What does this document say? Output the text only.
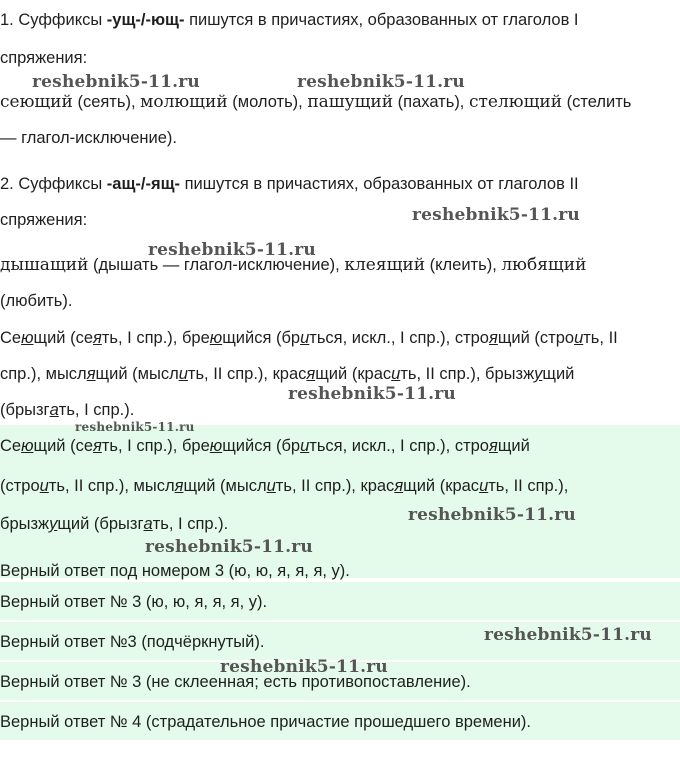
1. Суффиксы -ущ-/-ющ- пишутся в причастиях, образованных от глаголов I
спряжения:
reshebnik5-11.ru	reshebnik5-11.ru
сеющий (сеять), молющий (молоть), пашущий (пахать), стелющий (стелить
— глагол-исключение).
2. Суффиксы -ащ-/-ящ- пишутся в причастиях, образованных от глаголов II
спряжения:	reshebnik5-11.ru
reshebnik5-11.ru
дышащий (дышать — глагол-исключение), клеящий (клеить), любящий
(любить).
Сеющий (сеять, I спр.), бреющийся (бриться, искл., I спр.), строящий (строить, II
спр.), мыслящий (мыслить, II спр.), красящий (красить, II спр.), брызжущий
reshebnik5-11.ru
(брызгать, I спр.).
reshebnik5-11.ru
Сеющий (сеять, I спр.), бреющийся (бриться, искл., I спр.), строящий
(строить, II спр.), мыслящий (мыслить, II спр.), красящий (красить, II спр.),
reshebnik5-11.ru
брызжущий (брызгать, I спр.).
reshebnik5-11.ru
Верный ответ под номером 3 (ю, ю, я, я, я, у).
Верный ответ № 3 (ю, ю, я, я, я, у).
Верный ответ №3 (подчёркнутый).	reshebnik5-11.ru
Верный ответ № 3 (не склеенная; есть противопоставление).
reshebnik5-11.ru
Верный ответ № 4 (страдательное причастие прошедшего времени).
